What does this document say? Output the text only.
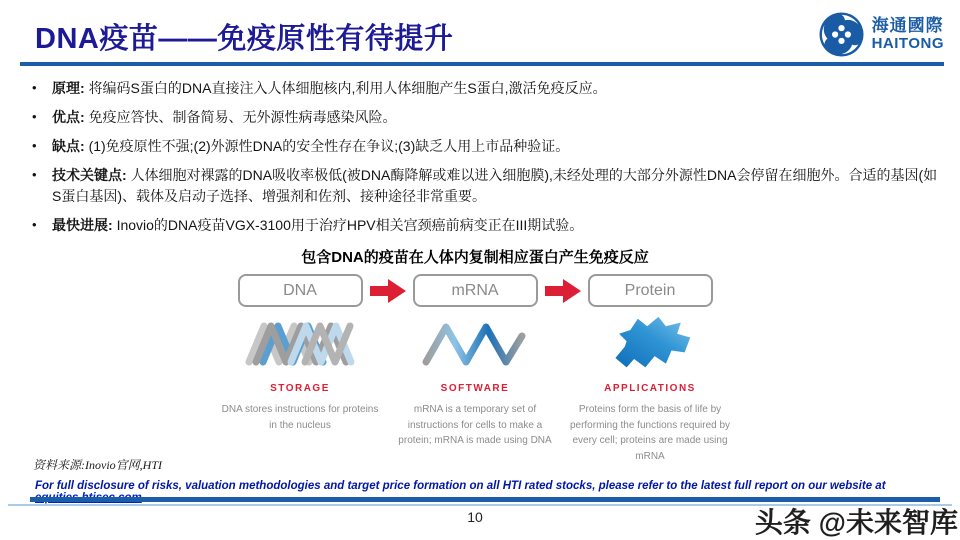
DNA疫苗——免疫原性有待提升	海通國際
HAITONG
• 原理: 将编码S蛋白的DNA直接注入人体细胞核内,利用人体细胞产生S蛋白,激活免疫反应。
• 优点: 免疫应答快、制备简易、无外源性病毒感染风险。
• 缺点: (1)免疫原性不强;(2)外源性DNA的安全性存在争议;(3)缺乏人用上市品种验证。
• 技术关键点: 人体细胞对裸露的DNA吸收率极低(被DNA酶降解或难以进入细胞膜),未经处理的大部分外源性DNA会停留在细胞外。合适的基因(如S蛋白基因)、载体及启动子选择、增强剂和佐剂、接种途径非常重要。
• 最快进展: Inovio的DNA疫苗VGX-3100用于治疗HPV相关宫颈癌前病变正在III期试验。
包含DNA的疫苗在人体内复制相应蛋白产生免疫反应
DNA	mRNA	Protein
STORAGE
DNA stores instructions for proteins in the nucleus
SOFTWARE
mRNA is a temporary set of instructions for cells to make a protein; mRNA is made using DNA
APPLICATIONS
Proteins form the basis of life by performing the functions required by every cell; proteins are made using mRNA
资料来源:Inovio官网,HTI
For full disclosure of risks, valuation methodologies and target price formation on all HTI rated stocks, please refer to the latest full report on our website at
10	头条 @未来智库
